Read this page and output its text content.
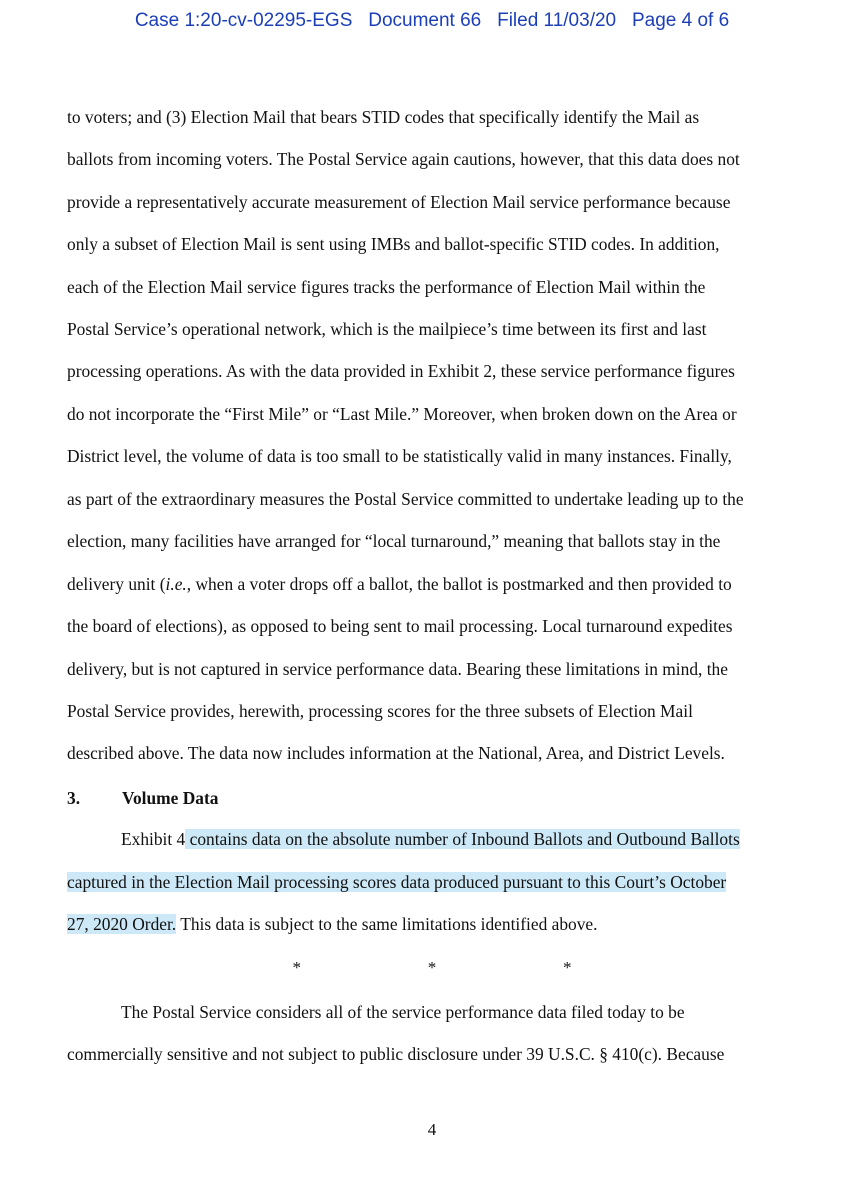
Case 1:20-cv-02295-EGS Document 66 Filed 11/03/20 Page 4 of 6
to voters; and (3) Election Mail that bears STID codes that specifically identify the Mail as
ballots from incoming voters. The Postal Service again cautions, however, that this data does not
provide a representatively accurate measurement of Election Mail service performance because
only a subset of Election Mail is sent using IMBs and ballot-specific STID codes. In addition,
each of the Election Mail service figures tracks the performance of Election Mail within the
Postal Service’s operational network, which is the mailpiece’s time between its first and last
processing operations. As with the data provided in Exhibit 2, these service performance figures
do not incorporate the “First Mile” or “Last Mile.” Moreover, when broken down on the Area or
District level, the volume of data is too small to be statistically valid in many instances. Finally,
as part of the extraordinary measures the Postal Service committed to undertake leading up to the
election, many facilities have arranged for “local turnaround,” meaning that ballots stay in the
delivery unit (i.e., when a voter drops off a ballot, the ballot is postmarked and then provided to
the board of elections), as opposed to being sent to mail processing. Local turnaround expedites
delivery, but is not captured in service performance data. Bearing these limitations in mind, the
Postal Service provides, herewith, processing scores for the three subsets of Election Mail
described above. The data now includes information at the National, Area, and District Levels.
3. Volume Data
Exhibit 4 contains data on the absolute number of Inbound Ballots and Outbound Ballots
captured in the Election Mail processing scores data produced pursuant to this Court’s October
27, 2020 Order. This data is subject to the same limitations identified above.
*   *   *
The Postal Service considers all of the service performance data filed today to be
commercially sensitive and not subject to public disclosure under 39 U.S.C. § 410(c). Because
4
